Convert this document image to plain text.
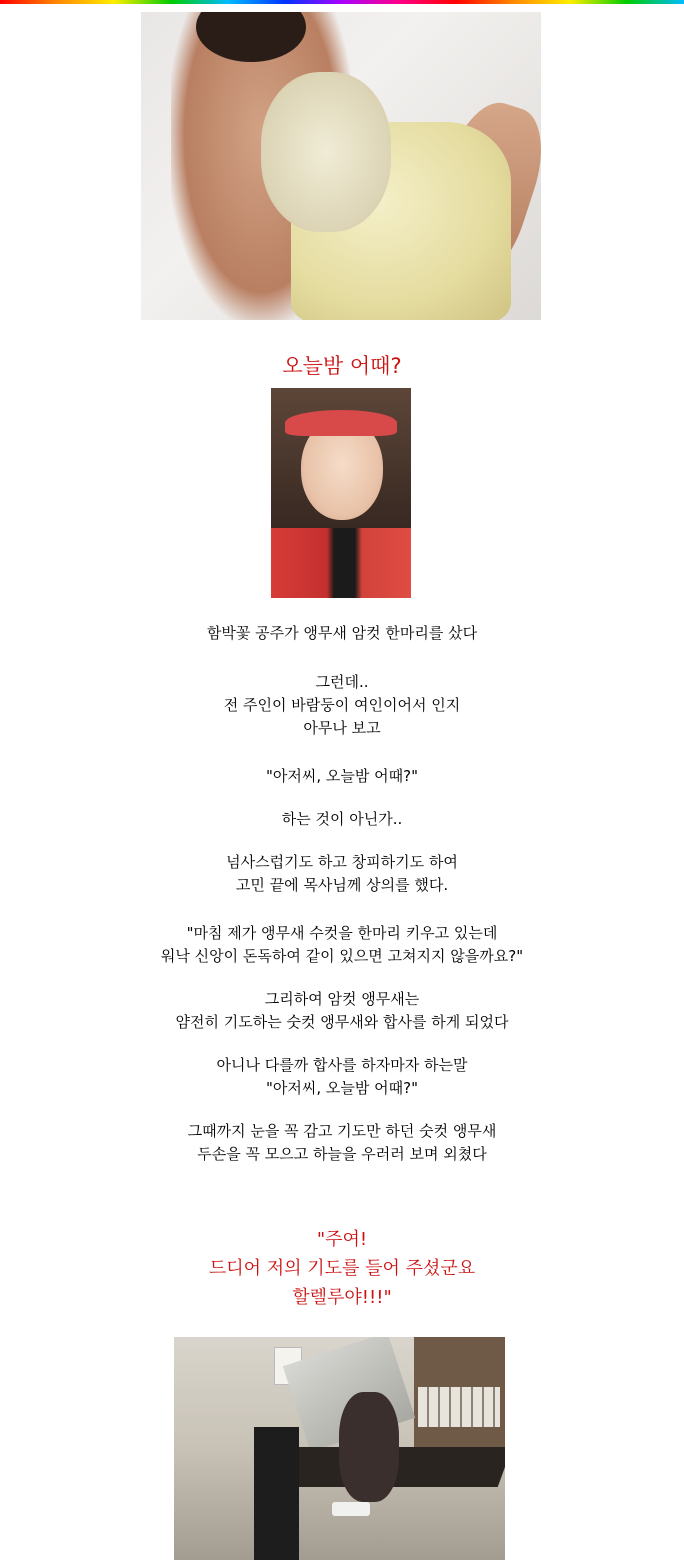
오늘밤 어때?
함박꽃 공주가 앵무새 암컷 한마리를 샀다
그런데..
전 주인이 바람둥이 여인이어서 인지
아무나 보고
"아저씨, 오늘밤 어때?"
하는 것이 아닌가..
넘사스럽기도 하고 창피하기도 하여
고민 끝에 목사님께 상의를 했다.
"마침 제가 앵무새 수컷을 한마리 키우고 있는데
워낙 신앙이 돈독하여 같이 있으면 고쳐지지 않을까요?"
그리하여 암컷 앵무새는
얌전히 기도하는 숫컷 앵무새와 합사를 하게 되었다
아니나 다를까 합사를 하자마자 하는말
"아저씨, 오늘밤 어때?"
그때까지 눈을 꼭 감고 기도만 하던 숫컷 앵무새
두손을 꼭 모으고 하늘을 우러러 보며 외쳤다
"주여!
드디어 저의 기도를 들어 주셨군요
할렐루야!!!"
